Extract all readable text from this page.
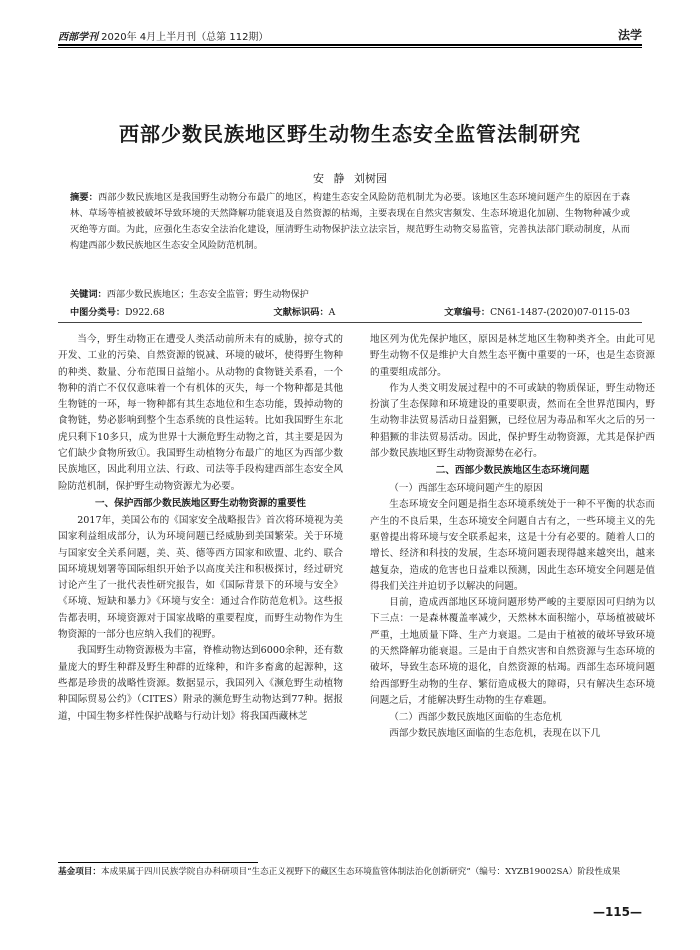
西部学刊 2020年 4月上半月刊（总第 112期）	法学
西部少数民族地区野生动物生态安全监管法制研究
安 静 刘树园
摘要：西部少数民族地区是我国野生动物分布最广的地区，构建生态安全风险防范机制尤为必要。该地区生态环境问题产生的原因在于森林、草场等植被被破坏导致环境的天然降解功能衰退及自然资源的枯竭，主要表现在自然灾害频发、生态环境退化加剧、生物物种减少或灭绝等方面。为此，应强化生态安全法治化建设，厘清野生动物保护法立法宗旨，规范野生动物交易监管，完善执法部门联动制度，从而构建西部少数民族地区生态安全风险防范机制。
关键词：西部少数民族地区；生态安全监管；野生动物保护
中图分类号：D922.68	文献标识码：A	文章编号：CN61-1487-(2020)07-0115-03

当今，野生动物正在遭受人类活动前所未有的威胁，掠夺式的开发、工业的污染、自然资源的锐减、环境的破坏，使得野生物种的种类、数量、分布范围日益缩小。从动物的食物链关系看，一个物种的消亡不仅仅意味着一个有机体的灭失，每一个物种都是其他生物链的一环，每一物种都有其生态地位和生态功能，毁掉动物的食物链，势必影响到整个生态系统的良性运转。比如我国野生东北虎只剩下10多只，成为世界十大濒危野生动物之首，其主要是因为它们缺少食物所致①。我国野生动植物分布最广的地区为西部少数民族地区，因此利用立法、行政、司法等手段构建西部生态安全风险防范机制，保护野生动物资源尤为必要。

一、保护西部少数民族地区野生动物资源的重要性

2017年，美国公布的《国家安全战略报告》首次将环境视为美国家利益组成部分，认为环境问题已经威胁到美国繁荣。关于环境与国家安全关系问题，美、英、德等西方国家和欧盟、北约、联合国环境规划署等国际组织开始予以高度关注和积极探讨，经过研究讨论产生了一批代表性研究报告，如《国际背景下的环境与安全》《环境、短缺和暴力》《环境与安全：通过合作防范危机》。这些报告都表明，环境资源对于国家战略的重要程度，而野生动物作为生物资源的一部分也应纳入我们的视野。

我国野生动物资源极为丰富，脊椎动物达到6000余种，还有数量庞大的野生种群及野生种群的近缘种，和许多畜禽的起源种，这些都是珍贵的战略性资源。数据显示，我国列入《濒危野生动植物种国际贸易公约》（CITES）附录的濒危野生动物达到77种。据报道，中国生物多样性保护战略与行动计划》将我国西藏林芝

地区列为优先保护地区，原因是林芝地区生物种类齐全。由此可见野生动物不仅是维护大自然生态平衡中重要的一环，也是生态资源的重要组成部分。

作为人类文明发展过程中的不可或缺的物质保证，野生动物还扮演了生态保障和环境建设的重要职责，然而在全世界范围内，野生动物非法贸易活动日益猖獗，已经位居为毒品和军火之后的另一种猖獗的非法贸易活动。因此，保护野生动物资源，尤其是保护西部少数民族地区野生动物资源势在必行。

二、西部少数民族地区生态环境问题
（一）西部生态环境问题产生的原因

生态环境安全问题是指生态环境系统处于一种不平衡的状态而产生的不良后果，生态环境安全问题自古有之，一些环境主义的先驱曾提出将环境与安全联系起来，这是十分有必要的。随着人口的增长、经济和科技的发展，生态环境问题表现得越来越突出，越来越复杂，造成的危害也日益难以预测，因此生态环境安全问题是值得我们关注并迫切予以解决的问题。

目前，造成西部地区环境问题形势严峻的主要原因可归纳为以下三点：一是森林覆盖率减少，天然林木面积缩小，草场植被破坏严重，土地质量下降、生产力衰退。二是由于植被的破坏导致环境的天然降解功能衰退。三是由于自然灾害和自然资源与生态环境的破坏，导致生态环境的退化，自然资源的枯竭。西部生态环境问题给西部野生动物的生存、繁衍造成极大的障碍，只有解决生态环境问题之后，才能解决野生动物的生存难题。

（二）西部少数民族地区面临的生态危机

西部少数民族地区面临的生态危机，表现在以下几

基金项目：本成果属于四川民族学院自办科研项目“生态正义视野下的藏区生态环境监管体制法治化创新研究”（编号：XYZB19002SA）阶段性成果
—115—
